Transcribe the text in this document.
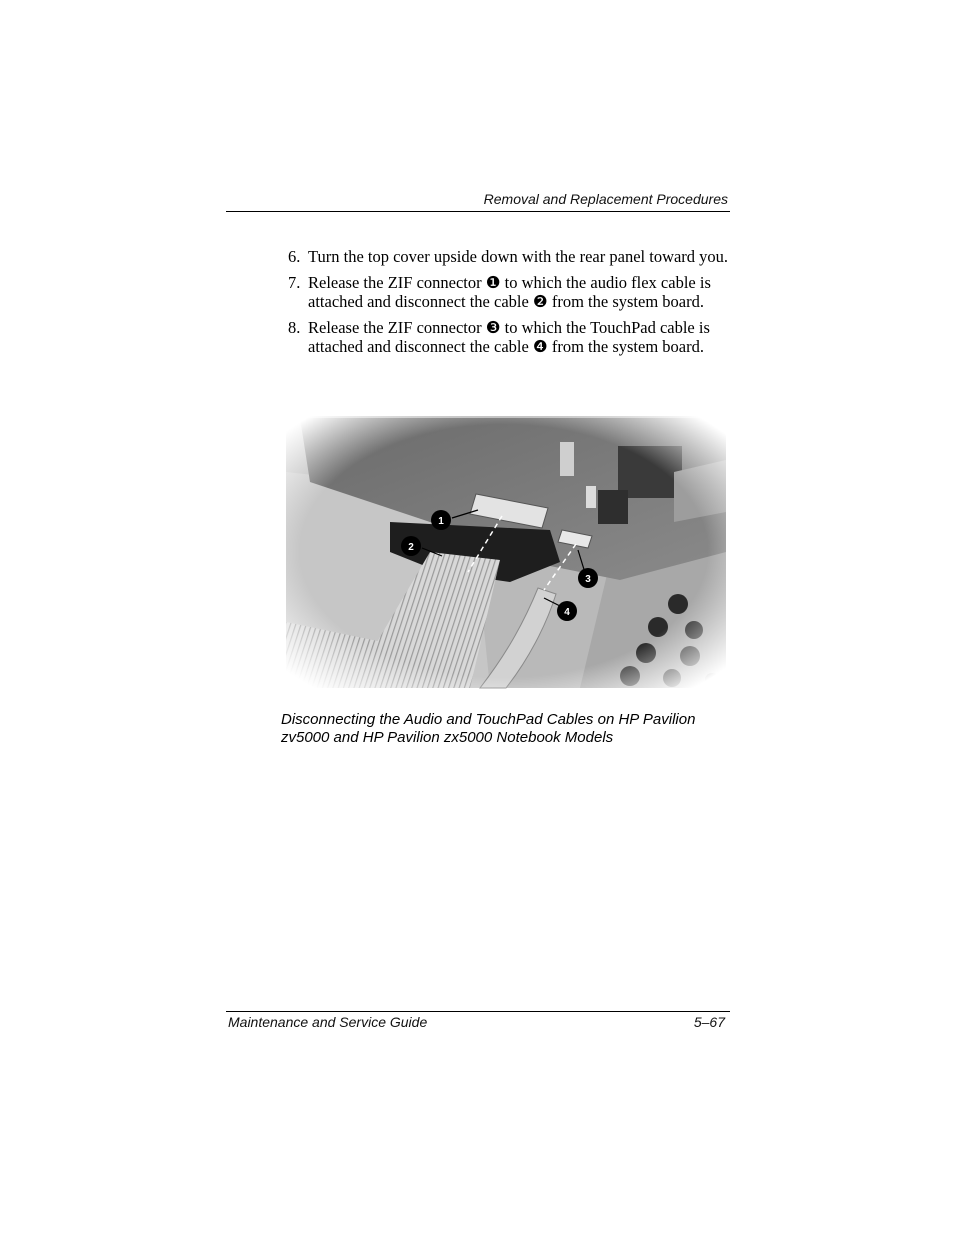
Removal and Replacement Procedures
6. Turn the top cover upside down with the rear panel toward you.
7. Release the ZIF connector ❶ to which the audio flex cable is attached and disconnect the cable ❷ from the system board.
8. Release the ZIF connector ❸ to which the TouchPad cable is attached and disconnect the cable ❹ from the system board.
Disconnecting the Audio and TouchPad Cables on HP Pavilion
zv5000 and HP Pavilion zx5000 Notebook Models
Maintenance and Service Guide	5–67
